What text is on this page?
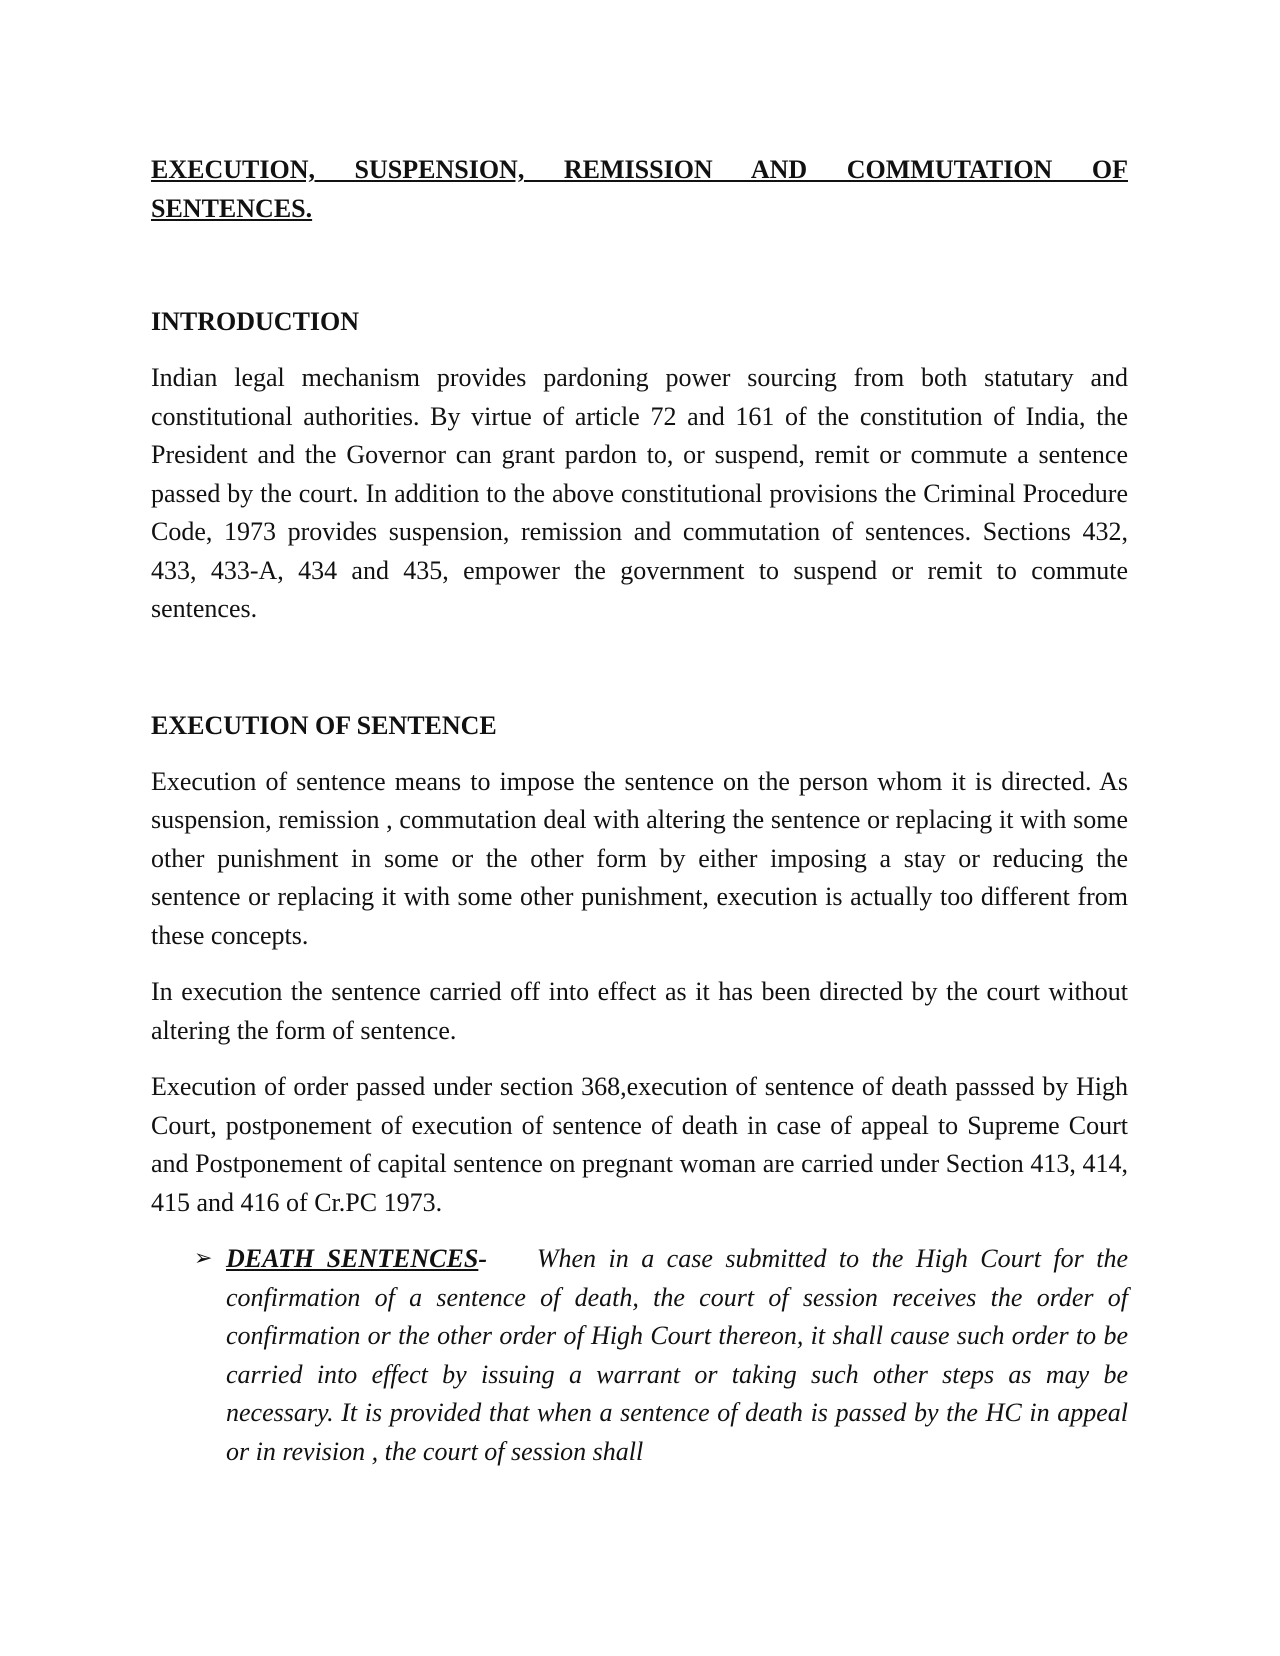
EXECUTION, SUSPENSION, REMISSION AND COMMUTATION OF SENTENCES.
INTRODUCTION

Indian legal mechanism provides pardoning power sourcing from both statutary and constitutional authorities. By virtue of article 72 and 161 of the constitution of India, the President and the Governor can grant pardon to, or suspend, remit or commute a sentence passed by the court. In addition to the above constitutional provisions the Criminal Procedure Code, 1973 provides suspension, remission and commutation of sentences. Sections 432, 433, 433-A, 434 and 435, empower the government to suspend or remit to commute sentences.

EXECUTION OF SENTENCE

Execution of sentence means to impose the sentence on the person whom it is directed. As suspension, remission , commutation deal with altering the sentence or replacing it with some other punishment in some or the other form by either imposing a stay or reducing the sentence or replacing it with some other punishment, execution is actually too different from these concepts.

In execution the sentence carried off into effect as it has been directed by the court without altering the form of sentence.

Execution of order passed under section 368,execution of sentence of death passsed by High Court, postponement of execution of sentence of death in case of appeal to Supreme Court and Postponement of capital sentence on pregnant woman are carried under Section 413, 414, 415 and 416 of Cr.PC 1973.

➢ DEATH SENTENCES- When in a case submitted to the High Court for the confirmation of a sentence of death, the court of session receives the order of confirmation or the other order of High Court thereon, it shall cause such order to be carried into effect by issuing a warrant or taking such other steps as may be necessary. It is provided that when a sentence of death is passed by the HC in appeal or in revision , the court of session shall
